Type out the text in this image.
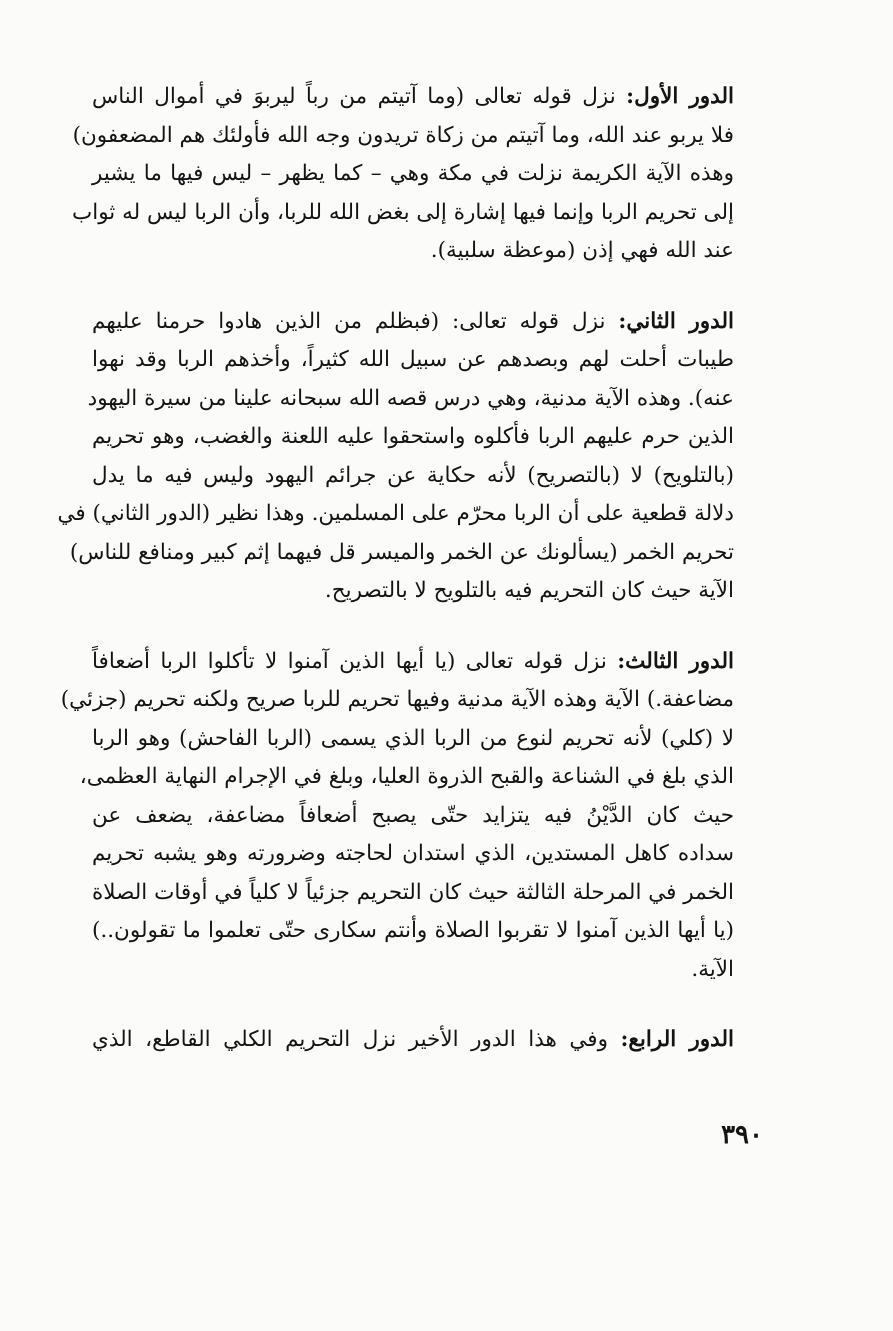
الدور الأول: نزل قوله تعالى (وما آتيتم من رباً ليربوَ في أموال الناس
فلا يربو عند الله، وما آتيتم من زكاة تريدون وجه الله فأولئك هم المضعفون)
وهذه الآية الكريمة نزلت في مكة وهي – كما يظهر – ليس فيها ما يشير
إلى تحريم الربا وإنما فيها إشارة إلى بغض الله للربا، وأن الربا ليس له ثواب
عند الله فهي إذن (موعظة سلبية).

الدور الثاني: نزل قوله تعالى: (فبظلم من الذين هادوا حرمنا عليهم
طيبات أحلت لهم وبصدهم عن سبيل الله كثيراً، وأخذهم الربا وقد نهوا
عنه). وهذه الآية مدنية، وهي درس قصه الله سبحانه علينا من سيرة اليهود
الذين حرم عليهم الربا فأكلوه واستحقوا عليه اللعنة والغضب، وهو تحريم
(بالتلويح) لا (بالتصريح) لأنه حكاية عن جرائم اليهود وليس فيه ما يدل
دلالة قطعية على أن الربا محرّم على المسلمين. وهذا نظير (الدور الثاني) في
تحريم الخمر (يسألونك عن الخمر والميسر قل فيهما إثم كبير ومنافع للناس)
الآية حيث كان التحريم فيه بالتلويح لا بالتصريح.

الدور الثالث: نزل قوله تعالى (يا أيها الذين آمنوا لا تأكلوا الربا أضعافاً
مضاعفة.) الآية وهذه الآية مدنية وفيها تحريم للربا صريح ولكنه تحريم (جزئي)
لا (كلي) لأنه تحريم لنوع من الربا الذي يسمى (الربا الفاحش) وهو الربا
الذي بلغ في الشناعة والقبح الذروة العليا، وبلغ في الإجرام النهاية العظمى،
حيث كان الدَّيْنُ فيه يتزايد حتّى يصبح أضعافاً مضاعفة، يضعف عن
سداده كاهل المستدين، الذي استدان لحاجته وضرورته وهو يشبه تحريم
الخمر في المرحلة الثالثة حيث كان التحريم جزئياً لا كلياً في أوقات الصلاة
(يا أيها الذين آمنوا لا تقربوا الصلاة وأنتم سكارى حتّى تعلموا ما تقولون..)
الآية.

الدور الرابع: وفي هذا الدور الأخير نزل التحريم الكلي القاطع، الذي

٣٩٠
